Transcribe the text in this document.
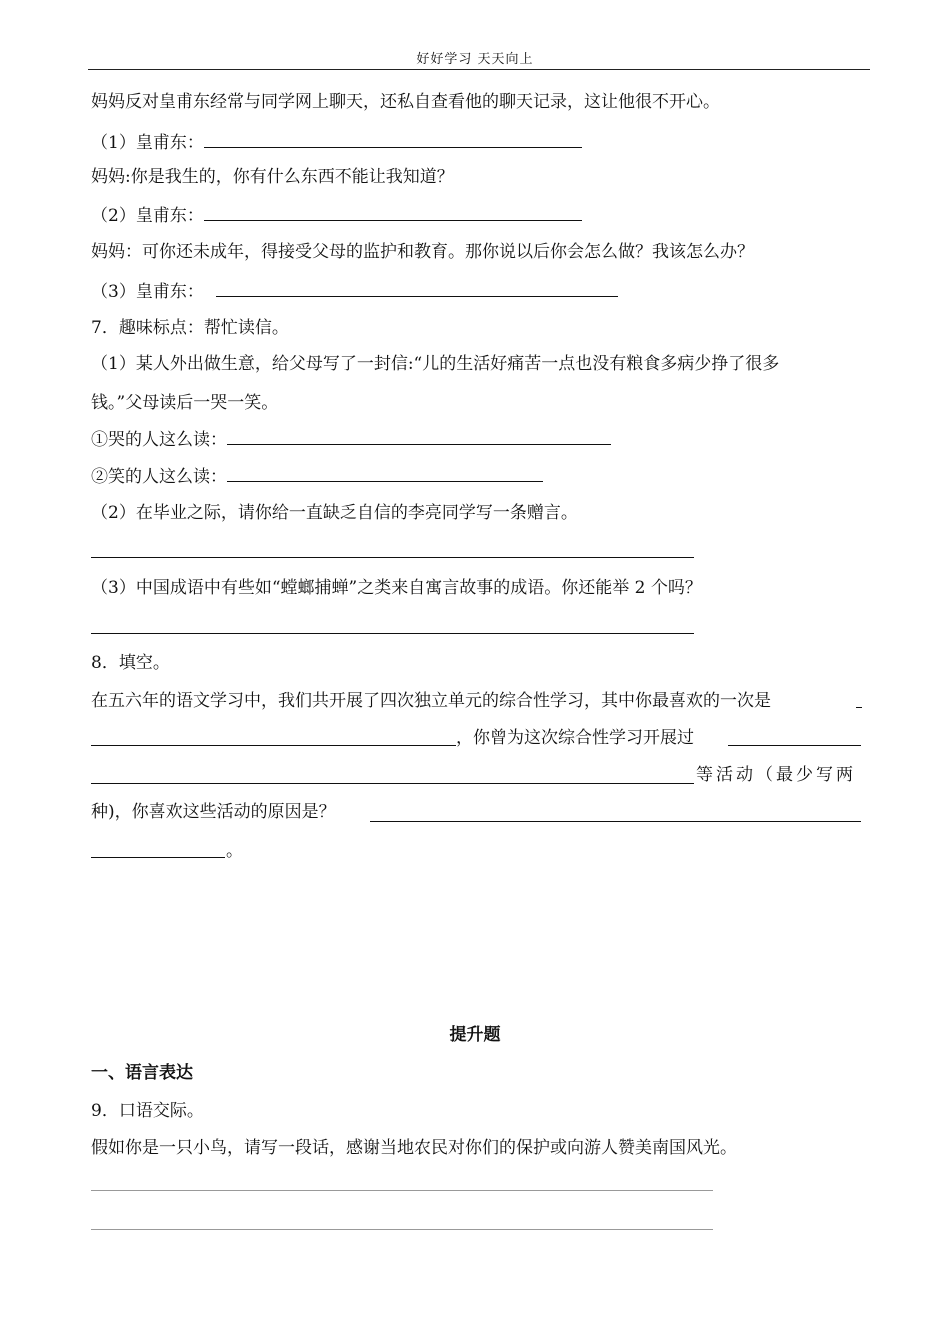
好好学习 天天向上
妈妈反对皇甫东经常与同学网上聊天，还私自查看他的聊天记录，这让他很不开心。
（1）皇甫东：
妈妈:你是我生的，你有什么东西不能让我知道？
（2）皇甫东：
妈妈：可你还未成年，得接受父母的监护和教育。那你说以后你会怎么做？我该怎么办？
（3）皇甫东：
7．趣味标点：帮忙读信。
（1）某人外出做生意，给父母写了一封信:“儿的生活好痛苦一点也没有粮食多病少挣了很多
钱。”父母读后一哭一笑。
①哭的人这么读：
②笑的人这么读：
（2）在毕业之际，请你给一直缺乏自信的李亮同学写一条赠言。
（3）中国成语中有些如“螳螂捕蝉”之类来自寓言故事的成语。你还能举 2 个吗？
8．填空。
在五六年的语文学习中，我们共开展了四次独立单元的综合性学习，其中你最喜欢的一次是
，你曾为这次综合性学习开展过
等活动（最少写两
种)，你喜欢这些活动的原因是？
。
提升题
一、语言表达
9．口语交际。
假如你是一只小鸟，请写一段话，感谢当地农民对你们的保护或向游人赞美南国风光。
